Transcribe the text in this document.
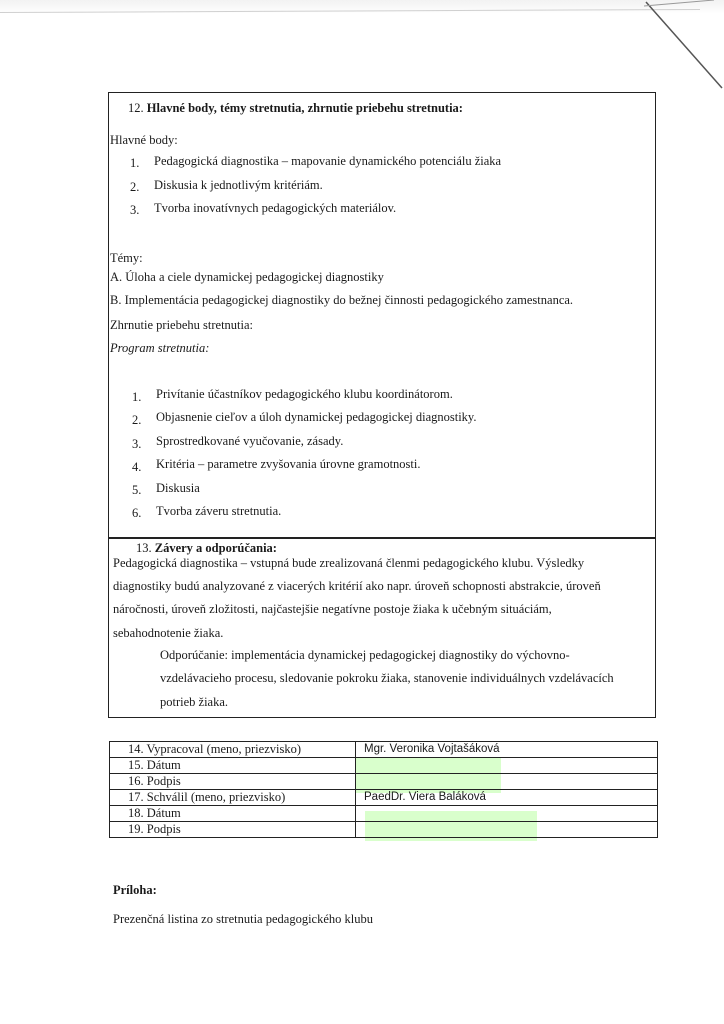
12. Hlavné body, témy stretnutia, zhrnutie priebehu stretnutia:
Hlavné body:
1. Pedagogická diagnostika – mapovanie dynamického potenciálu žiaka
2. Diskusia k jednotlivým kritériám.
3. Tvorba inovatívnych pedagogických materiálov.
Témy:
A. Úloha a ciele dynamickej pedagogickej diagnostiky
B. Implementácia pedagogickej diagnostiky do bežnej činnosti pedagogického zamestnanca.
Zhrnutie priebehu stretnutia:
Program stretnutia:
1. Privítanie účastníkov pedagogického klubu koordinátorom.
2. Objasnenie cieľov a úloh dynamickej pedagogickej diagnostiky.
3. Sprostredkované vyučovanie, zásady.
4. Kritéria – parametre zvyšovania úrovne gramotnosti.
5. Diskusia
6. Tvorba záveru stretnutia.
13. Závery a odporúčania:
Pedagogická diagnostika – vstupná bude zrealizovaná členmi pedagogického klubu. Výsledky
diagnostiky budú analyzované z viacerých kritérií ako napr. úroveň schopnosti abstrakcie, úroveň
náročnosti, úroveň zložitosti, najčastejšie negatívne postoje žiaka k učebným situáciám,
sebahodnotenie žiaka.
Odporúčanie: implementácia dynamickej pedagogickej diagnostiky do výchovno-
vzdelávacieho procesu, sledovanie pokroku žiaka, stanovenie individuálnych vzdelávacích
potrieb žiaka.
14. Vypracoval (meno, priezvisko)	Mgr. Veronika Vojtašáková
15. Dátum	
16. Podpis	
17. Schválil (meno, priezvisko)	PaedDr. Viera Baláková
18. Dátum	
19. Podpis	
Príloha:
Prezenčná listina zo stretnutia pedagogického klubu
